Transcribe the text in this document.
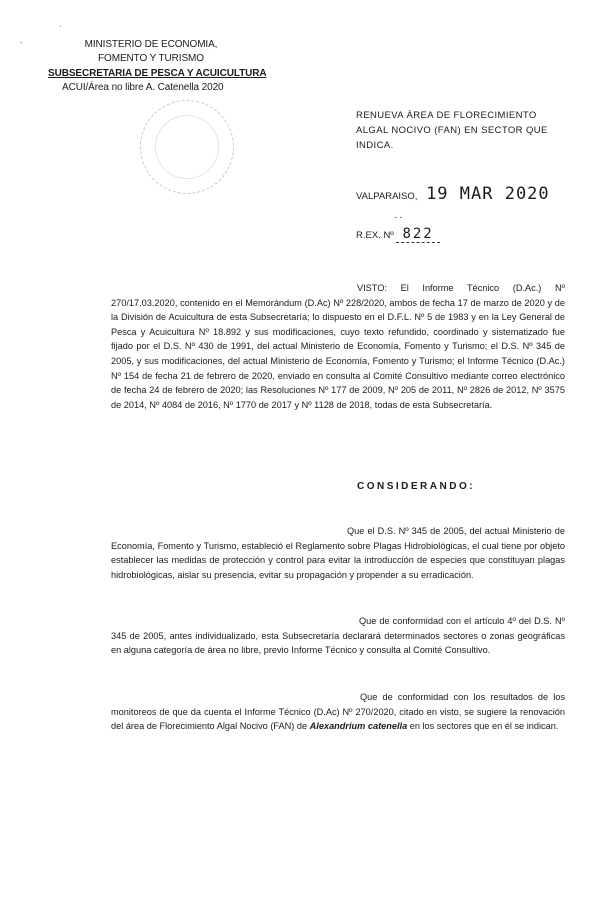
'
-	MINISTERIO DE ECONOMIA,
FOMENTO Y TURISMO
SUBSECRETARIA DE PESCA Y ACUICULTURA
ACUI/Área no libre A. Catenella 2020
RENUEVA ÁREA DE FLORECIMIENTO
ALGAL NOCIVO (FAN) EN SECTOR QUE
INDICA.
VALPARAISO, 19 MAR 2020
- -
R.EX. Nº 822

VISTO: El Informe Técnico (D.Ac.) Nº 270/17.03.2020, contenido en el Memorándum (D.Ac) Nº 228/2020, ambos de fecha 17 de marzo de 2020 y de la División de Acuicultura de esta Subsecretaría; lo dispuesto en el D.F.L. Nº 5 de 1983 y en la Ley General de Pesca y Acuicultura Nº 18.892 y sus modificaciones, cuyo texto refundido, coordinado y sistematizado fue fijado por el D.S. Nº 430 de 1991, del actual Ministerio de Economía, Fomento y Turismo; el D.S. Nº 345 de 2005, y sus modificaciones, del actual Ministerio de Economía, Fomento y Turismo; el Informe Técnico (D.Ac.) Nº 154 de fecha 21 de febrero de 2020, enviado en consulta al Comité Consultivo mediante correo electrónico de fecha 24 de febrero de 2020; las Resoluciones Nº 177 de 2009, Nº 205 de 2011, Nº 2826 de 2012, Nº 3575 de 2014, Nº 4084 de 2016, Nº 1770 de 2017 y Nº 1128 de 2018, todas de esta Subsecretaría.

CONSIDERANDO:

Que el D.S. Nº 345 de 2005, del actual Ministerio de Economía, Fomento y Turismo, estableció el Reglamento sobre Plagas Hidrobiológicas, el cual tiene por objeto establecer las medidas de protección y control para evitar la introducción de especies que constituyan plagas hidrobiológicas, aislar su presencia, evitar su propagación y propender a su erradicación.

Que de conformidad con el artículo 4º del D.S. Nº 345 de 2005, antes individualizado, esta Subsecretaría declarará determinados sectores o zonas geográficas en alguna categoría de área no libre, previo Informe Técnico y consulta al Comité Consultivo.

Que de conformidad con los resultados de los monitoreos de que da cuenta el Informe Técnico (D.Ac) Nº 270/2020, citado en visto, se sugiere la renovación del área de Florecimiento Algal Nocivo (FAN) de Alexandrium catenella en los sectores que en él se indican.
